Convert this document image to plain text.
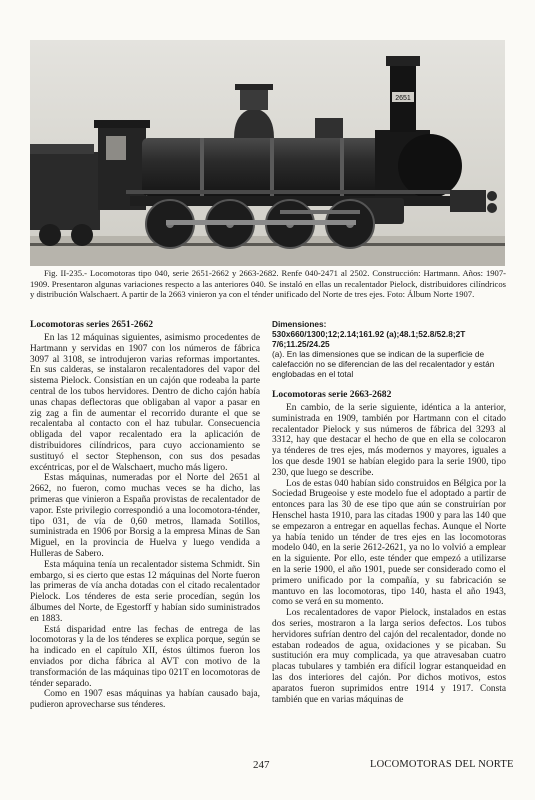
2651

Fig. II-235.- Locomotoras tipo 040, serie 2651-2662 y 2663-2682. Renfe 040-2471 al 2502. Construcción: Hartmann. Años: 1907-1909. Presentaron algunas variaciones respecto a las anteriores 040. Se instaló en ellas un recalentador Pielock, distribuidores cilíndricos y distribución Walschaert. A partir de la 2663 vinieron ya con el ténder unificado del Norte de tres ejes. Foto: Álbum Norte 1907.

Locomotoras series 2651-2662

En las 12 máquinas siguientes, asimismo procedentes de Hartmann y servidas en 1907 con los números de fábrica 3097 al 3108, se introdujeron varias reformas importantes. En sus calderas, se instalaron recalentadores del vapor del sistema Pielock. Consistían en un cajón que rodeaba la parte central de los tubos hervidores. Dentro de dicho cajón había unas chapas deflectoras que obligaban al vapor a pasar en zig zag a fin de aumentar el recorrido durante el que se recalentaba al contacto con el haz tubular. Consecuencia obligada del vapor recalentado era la aplicación de distribuidores cilíndricos, para cuyo accionamiento se sustituyó el sector Stephenson, con sus dos pesadas excéntricas, por el de Walschaert, mucho más ligero.

Estas máquinas, numeradas por el Norte del 2651 al 2662, no fueron, como muchas veces se ha dicho, las primeras que vinieron a España provistas de recalentador de vapor. Este privilegio correspondió a una locomotora-ténder, tipo 031, de vía de 0,60 metros, llamada Sotillos, suministrada en 1906 por Borsig a la empresa Minas de San Miguel, en la provincia de Huelva y luego vendida a Hulleras de Sabero.

Esta máquina tenía un recalentador sistema Schmidt. Sin embargo, si es cierto que estas 12 máquinas del Norte fueron las primeras de vía ancha dotadas con el citado recalentador Pielock. Los ténderes de esta serie procedían, según los álbumes del Norte, de Egestorff y habían sido suministrados en 1883.

Está disparidad entre las fechas de entrega de las locomotoras y la de los ténderes se explica porque, según se ha indicado en el capítulo XII, éstos últimos fueron los enviados por dicha fábrica al AVT con motivo de la transformación de las máquinas tipo 021T en locomotoras de ténder separado.

Como en 1907 esas máquinas ya habían causado baja, pudieron aprovecharse sus ténderes.

Dimensiones:
530x660/1300;12;2.14;161.92 (a);48.1;52.8/52.8;2T 7/6;11.25/24.25
(a). En las dimensiones que se indican de la superficie de calefacción no se diferencian de las del recalentador y están englobadas en el total
Locomotoras serie 2663-2682

En cambio, de la serie siguiente, idéntica a la anterior, suministrada en 1909, también por Hartmann con el citado recalentador Pielock y sus números de fábrica del 3293 al 3312, hay que destacar el hecho de que en ella se colocaron ya ténderes de tres ejes, más modernos y mayores, iguales a los que desde 1901 se habían elegido para la serie 1900, tipo 230, que luego se describe.

Los de estas 040 habían sido construidos en Bélgica por la Sociedad Brugeoise y este modelo fue el adoptado a partir de entonces para las 30 de ese tipo que aún se construirían por Henschel hasta 1910, para las citadas 1900 y para las 140 que se empezaron a entregar en aquellas fechas. Aunque el Norte ya había tenido un ténder de tres ejes en las locomotoras modelo 040, en la serie 2612-2621, ya no lo volvió a emplear en la siguiente. Por ello, este ténder que empezó a utilizarse en la serie 1900, el año 1901, puede ser considerado como el primero unificado por la compañía, y su fabricación se mantuvo en las locomotoras, tipo 140, hasta el año 1943, como se verá en su momento.

Los recalentadores de vapor Pielock, instalados en estas dos series, mostraron a la larga serios defectos. Los tubos hervidores sufrían dentro del cajón del recalentador, donde no estaban rodeados de agua, oxidaciones y se picaban. Su sustitución era muy complicada, ya que atravesaban cuatro placas tubulares y también era difícil lograr estanqueidad en las dos interiores del cajón. Por dichos motivos, estos aparatos fueron suprimidos entre 1914 y 1917. Consta también que en varias máquinas de

247	LOCOMOTORAS DEL NORTE
